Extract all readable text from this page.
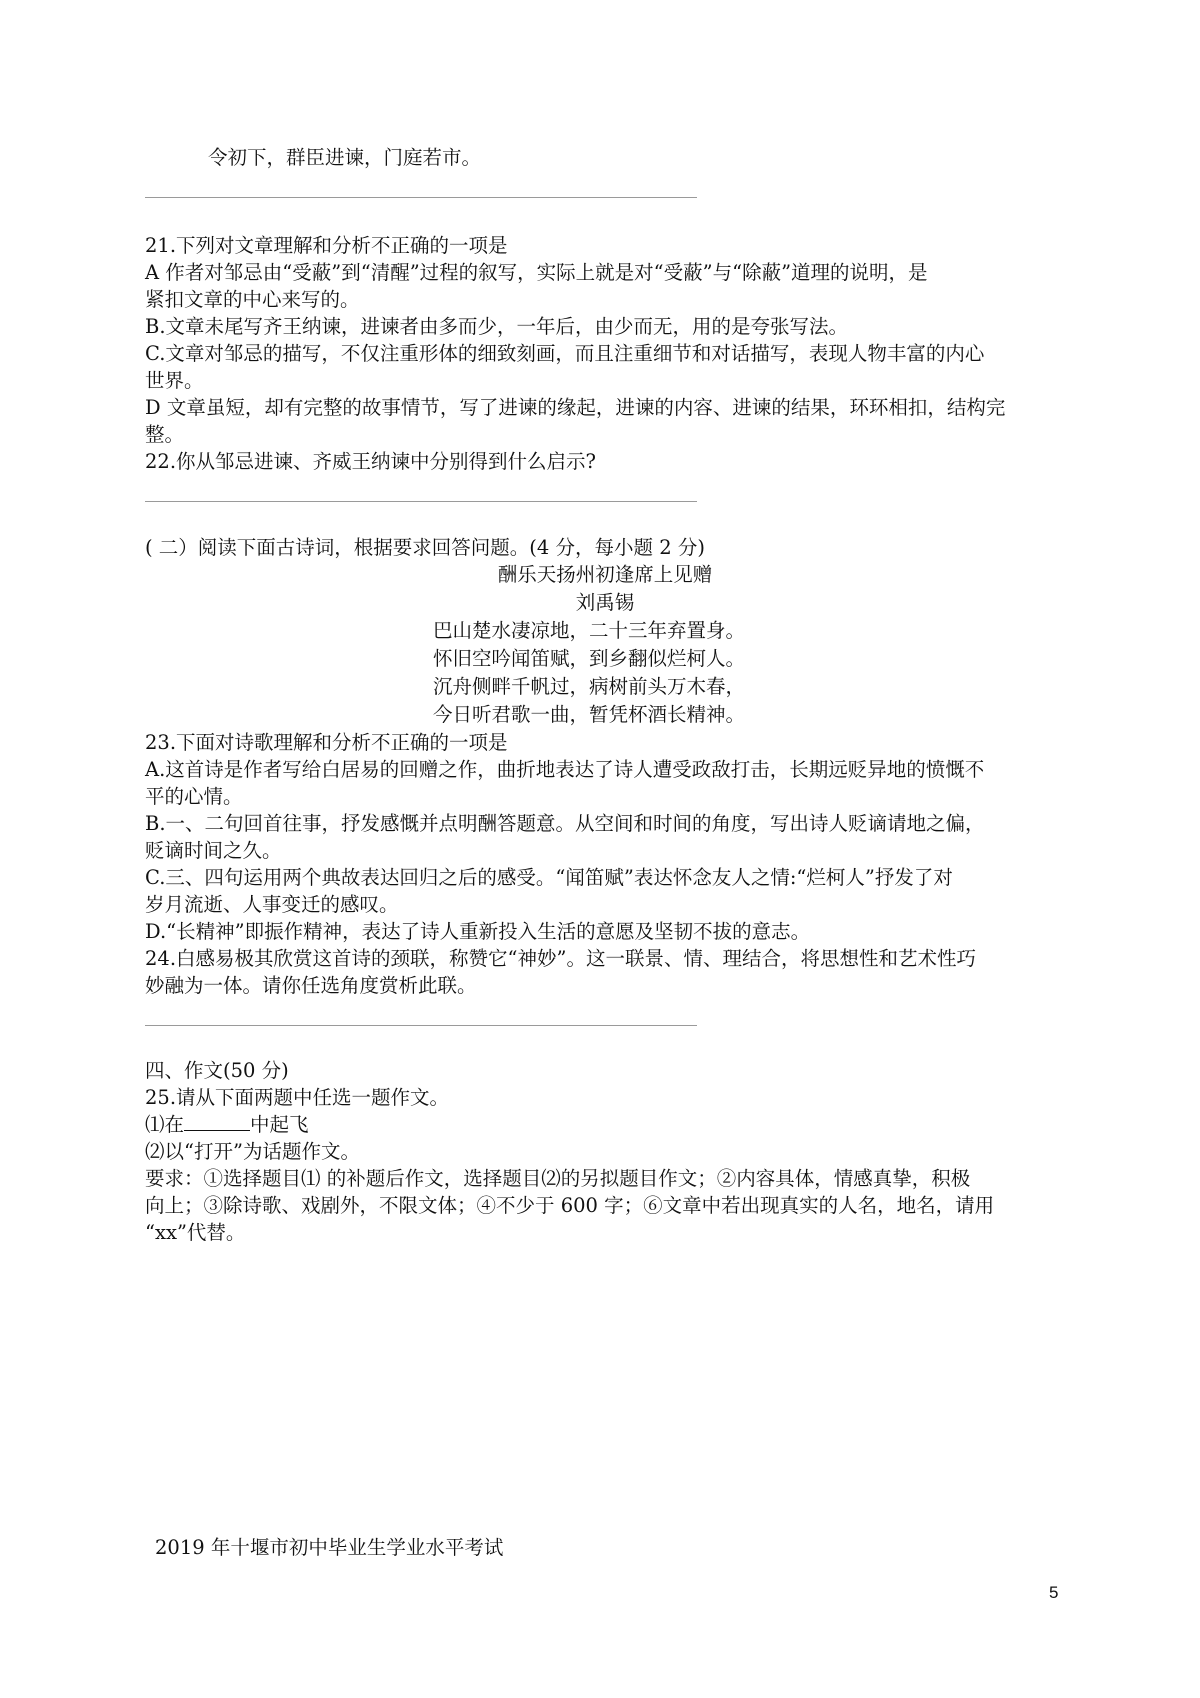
令初下，群臣进谏，门庭若市。
21.下列对文章理解和分析不正确的一项是
A 作者对邹忌由“受蔽”到“清醒”过程的叙写，实际上就是对“受蔽”与“除蔽”道理的说明，是
紧扣文章的中心来写的。
B.文章未尾写齐王纳谏，进谏者由多而少，一年后，由少而无，用的是夸张写法。
C.文章对邹忌的描写，不仅注重形体的细致刻画，而且注重细节和对话描写，表现人物丰富的内心
世界。
D 文章虽短，却有完整的故事情节，写了进谏的缘起，进谏的内容、进谏的结果，环环相扣，结构完
整。
22.你从邹忌进谏、齐威王纳谏中分别得到什么启示?
( 二）阅读下面古诗词，根据要求回答问题。(4 分，每小题 2 分)
酬乐天扬州初逢席上见赠
刘禹锡
巴山楚水凄凉地，二十三年弃置身。
怀旧空吟闻笛赋，到乡翻似烂柯人。
沉舟侧畔千帆过，病树前头万木春，
今日听君歌一曲，暂凭杯酒长精神。
23.下面对诗歌理解和分析不正确的一项是
A.这首诗是作者写给白居易的回赠之作，曲折地表达了诗人遭受政敌打击，长期远贬异地的愤慨不
平的心情。
B.一、二句回首往事，抒发感慨并点明酬答题意。从空间和时间的角度，写出诗人贬谪请地之偏，
贬谪时间之久。
C.三、四句运用两个典故表达回归之后的感受。“闻笛赋”表达怀念友人之情:“烂柯人”抒发了对
岁月流逝、人事变迁的感叹。
D.“长精神”即振作精神，表达了诗人重新投入生活的意愿及坚韧不拔的意志。
24.白感易极其欣赏这首诗的颈联，称赞它“神妙”。这一联景、情、理结合，将思想性和艺术性巧
妙融为一体。请你任选角度赏析此联。
四、作文(50 分)
25.请从下面两题中任选一题作文。
⑴在	中起飞
⑵以“打开”为话题作文。
要求：①选择题目⑴ 的补题后作文，选择题目⑵的另拟题目作文；②内容具体，情感真挚，积极
向上；③除诗歌、戏剧外，不限文体；④不少于 600 字；⑥文章中若出现真实的人名，地名，请用
“xx”代替。
2019 年十堰市初中毕业生学业水平考试
5
